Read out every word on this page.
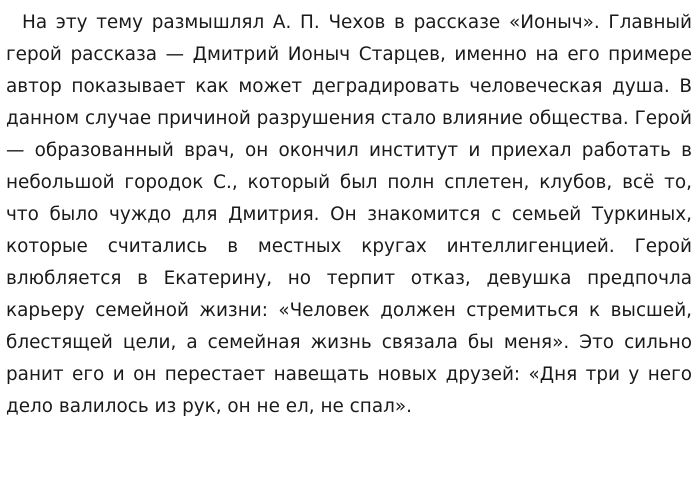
На эту тему размышлял А. П. Чехов в рассказе «Ионыч». Главный герой рассказа — Дмитрий Ионыч Старцев, именно на его примере автор показывает как может деградировать человеческая душа. В данном случае причиной разрушения стало влияние общества. Герой — образованный врач, он окончил институт и приехал работать в небольшой городок С., который был полн сплетен, клубов, всё то, что было чуждо для Дмитрия. Он знакомится с семьей Туркиных, которые считались в местных кругах интеллигенцией. Герой влюбляется в Екатерину, но терпит отказ, девушка предпочла карьеру семейной жизни: «Человек должен стремиться к высшей, блестящей цели, а семейная жизнь связала бы меня». Это сильно ранит его и он перестает навещать новых друзей: «Дня три у него дело валилось из рук, он не ел, не спал».
